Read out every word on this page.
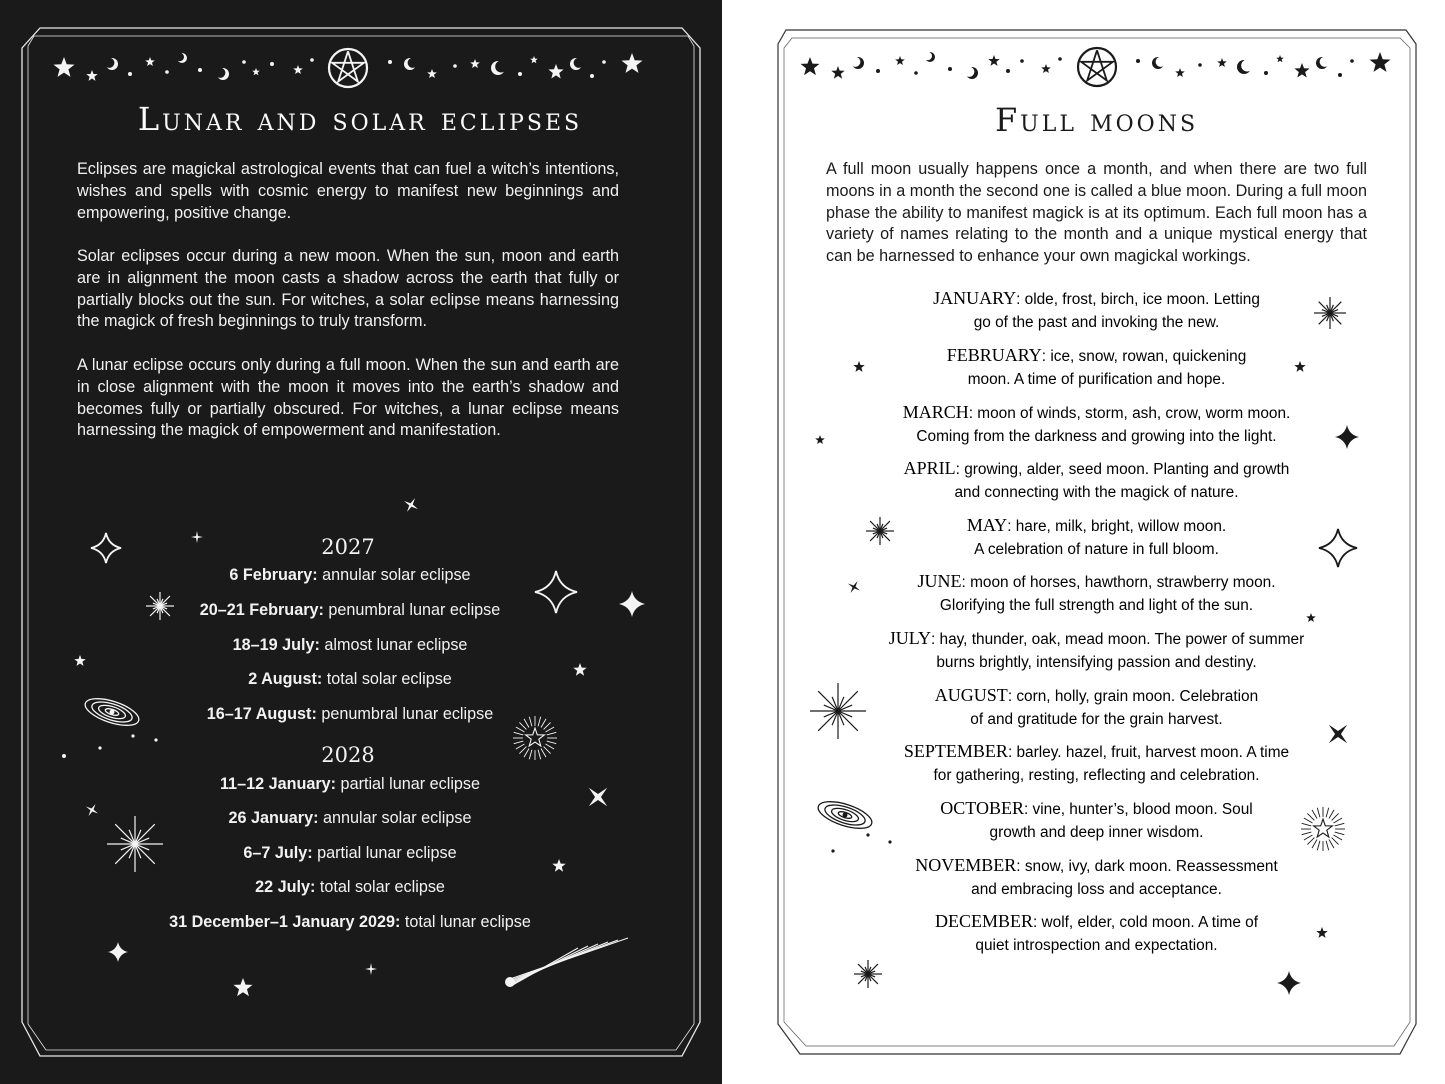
Lunar and solar eclipses

Eclipses are magickal astrological events that can fuel a witch’s intentions, wishes and spells with cosmic energy to manifest new beginnings and empowering, positive change.

Solar eclipses occur during a new moon. When the sun, moon and earth are in alignment the moon casts a shadow across the earth that fully or partially blocks out the sun. For witches, a solar eclipse means harnessing the magick of fresh beginnings to truly transform.

A lunar eclipse occurs only during a full moon. When the sun and earth are in close alignment with the moon it moves into the earth’s shadow and becomes fully or partially obscured. For witches, a lunar eclipse means harnessing the magick of empowerment and manifestation.

2027
6 February: annular solar eclipse
20–21 February: penumbral lunar eclipse
18–19 July: almost lunar eclipse
2 August: total solar eclipse
16–17 August: penumbral lunar eclipse
2028
11–12 January: partial lunar eclipse
26 January: annular solar eclipse
6–7 July: partial lunar eclipse
22 July: total solar eclipse
31 December–1 January 2029: total lunar eclipse
Full moons

A full moon usually happens once a month, and when there are two full moons in a month the second one is called a blue moon. During a full moon phase the ability to manifest magick is at its optimum. Each full moon has a variety of names relating to the month and a unique mystical energy that can be harnessed to enhance your own magickal workings.

JANUARY: olde, frost, birch, ice moon. Letting
go of the past and invoking the new.
FEBRUARY: ice, snow, rowan, quickening
moon. A time of purification and hope.
MARCH: moon of winds, storm, ash, crow, worm moon.
Coming from the darkness and growing into the light.
APRIL: growing, alder, seed moon. Planting and growth
and connecting with the magick of nature.
MAY: hare, milk, bright, willow moon.
A celebration of nature in full bloom.
JUNE: moon of horses, hawthorn, strawberry moon.
Glorifying the full strength and light of the sun.
JULY: hay, thunder, oak, mead moon. The power of summer
burns brightly, intensifying passion and destiny.
AUGUST: corn, holly, grain moon. Celebration
of and gratitude for the grain harvest.
SEPTEMBER: barley. hazel, fruit, harvest moon. A time
for gathering, resting, reflecting and celebration.
OCTOBER: vine, hunter’s, blood moon. Soul
growth and deep inner wisdom.
NOVEMBER: snow, ivy, dark moon. Reassessment
and embracing loss and acceptance.
DECEMBER: wolf, elder, cold moon. A time of
quiet introspection and expectation.
